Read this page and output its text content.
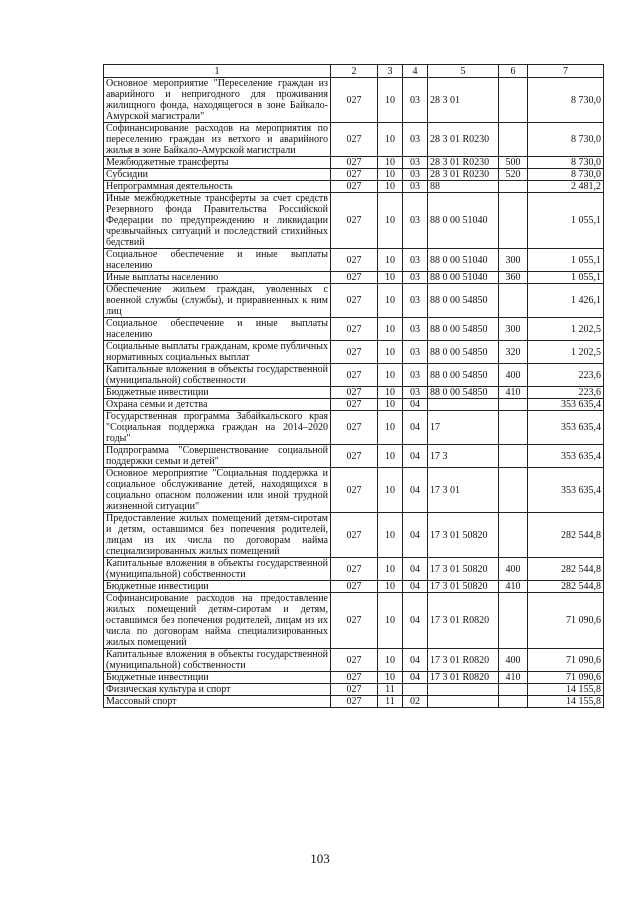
1	2	3	4	5	6	7
Основное мероприятие "Переселение граждан из аварийного и непригодного для проживания жилищного фонда, находящегося в зоне Байкало-Амурской магистрали"	027	10	03	28 3 01		8 730,0
Софинансирование расходов на мероприятия по переселению граждан из ветхого и аварийного жилья в зоне Байкало-Амурской магистрали	027	10	03	28 3 01 R0230		8 730,0
Межбюджетные трансферты	027	10	03	28 3 01 R0230	500	8 730,0
Субсидии	027	10	03	28 3 01 R0230	520	8 730,0
Непрограммная деятельность	027	10	03	88		2 481,2
Иные межбюджетные трансферты за счет средств Резервного фонда Правительства Российской Федерации по предупреждению и ликвидации чрезвычайных ситуаций и последствий стихийных бедствий	027	10	03	88 0 00 51040		1 055,1
Социальное обеспечение и иные выплаты населению	027	10	03	88 0 00 51040	300	1 055,1
Иные выплаты населению	027	10	03	88 0 00 51040	360	1 055,1
Обеспечение жильем граждан, уволенных с военной службы (службы), и приравненных к ним лиц	027	10	03	88 0 00 54850		1 426,1
Социальное обеспечение и иные выплаты населению	027	10	03	88 0 00 54850	300	1 202,5
Социальные выплаты гражданам, кроме публичных нормативных социальных выплат	027	10	03	88 0 00 54850	320	1 202,5
Капитальные вложения в объекты государственной (муниципальной) собственности	027	10	03	88 0 00 54850	400	223,6
Бюджетные инвестиции	027	10	03	88 0 00 54850	410	223,6
Охрана семьи и детства	027	10	04			353 635,4
Государственная программа Забайкальского края "Социальная поддержка граждан на 2014–2020 годы"	027	10	04	17		353 635,4
Подпрограмма "Совершенствование социальной поддержки семьи и детей"	027	10	04	17 3		353 635,4
Основное мероприятие "Социальная поддержка и социальное обслуживание детей, находящихся в социально опасном положении или иной трудной жизненной ситуации"	027	10	04	17 3 01		353 635,4
Предоставление жилых помещений детям-сиротам и детям, оставшимся без попечения родителей, лицам из их числа по договорам найма специализированных жилых помещений	027	10	04	17 3 01 50820		282 544,8
Капитальные вложения в объекты государственной (муниципальной) собственности	027	10	04	17 3 01 50820	400	282 544,8
Бюджетные инвестиции	027	10	04	17 3 01 50820	410	282 544,8
Софинансирование расходов на предоставление жилых помещений детям-сиротам и детям, оставшимся без попечения родителей, лицам из их числа по договорам найма специализированных жилых помещений	027	10	04	17 3 01 R0820		71 090,6
Капитальные вложения в объекты государственной (муниципальной) собственности	027	10	04	17 3 01 R0820	400	71 090,6
Бюджетные инвестиции	027	10	04	17 3 01 R0820	410	71 090,6
Физическая культура и спорт	027	11				14 155,8
Массовый спорт	027	11	02			14 155,8
103
